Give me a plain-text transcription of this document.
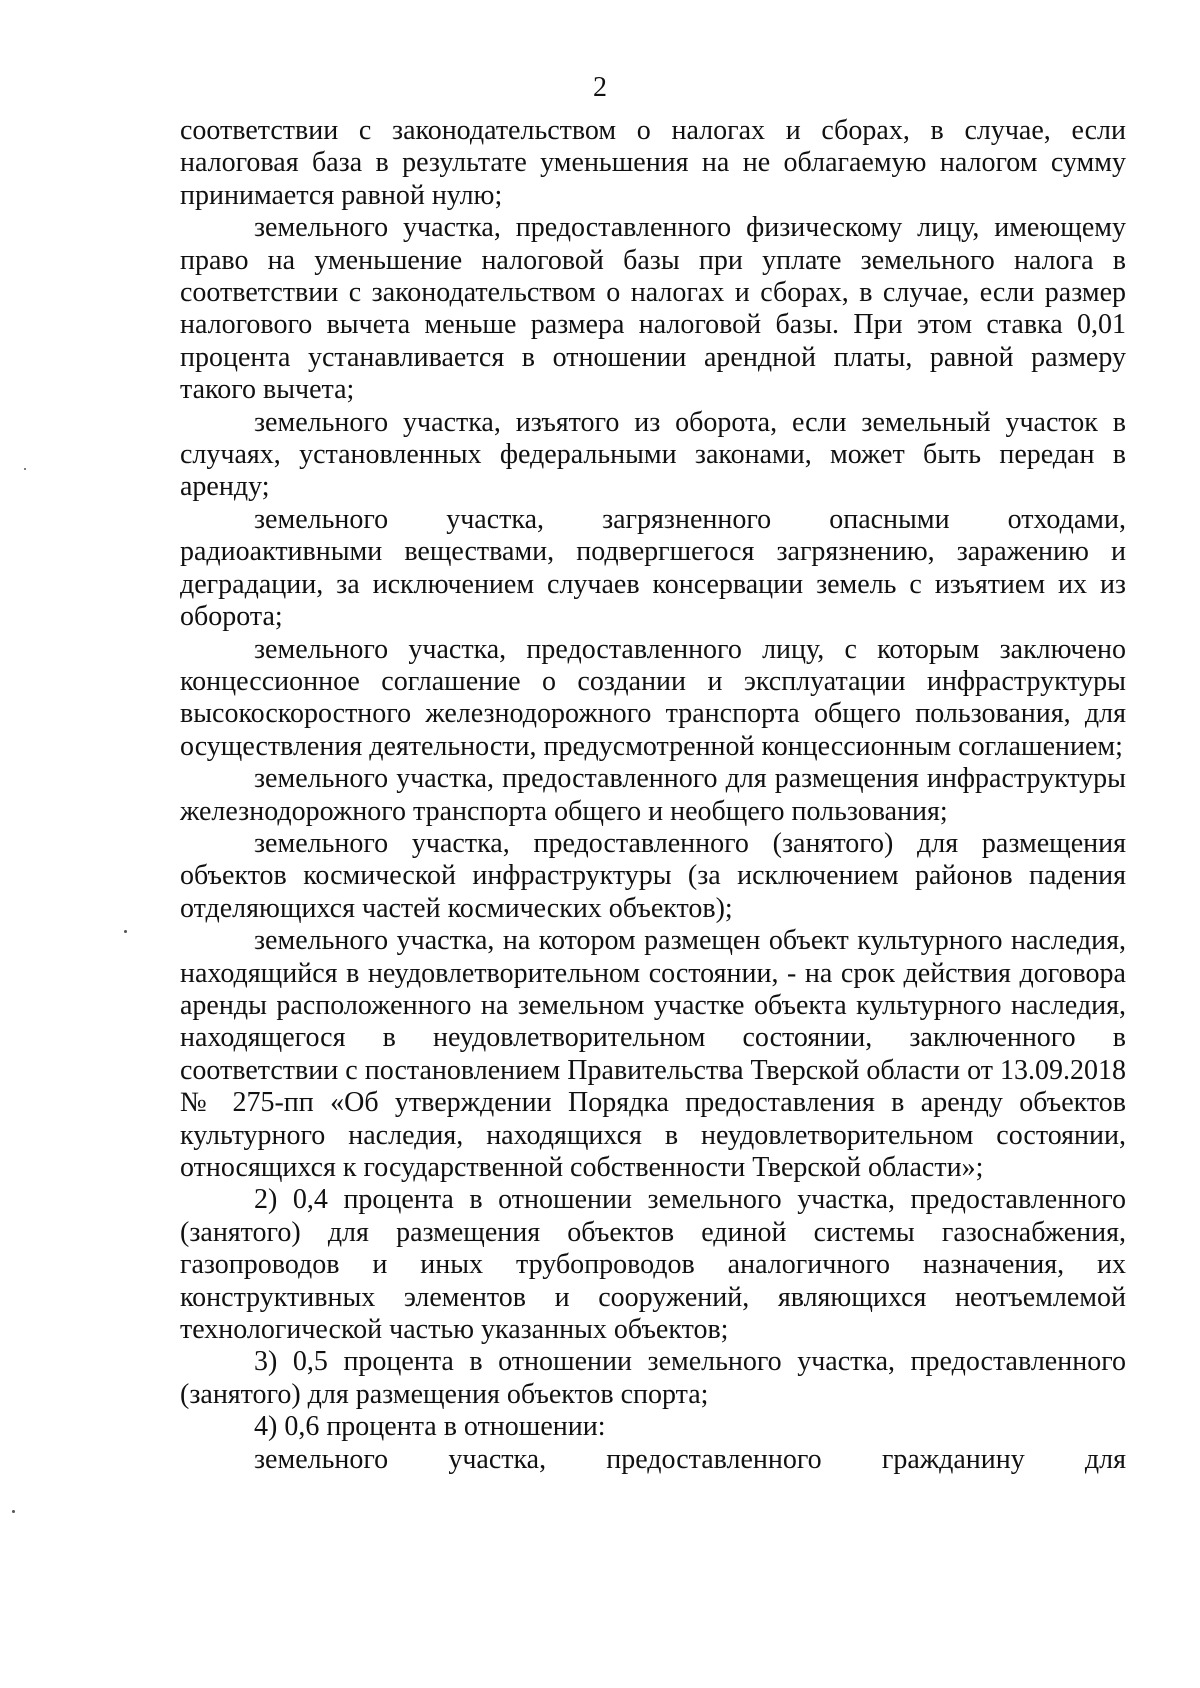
2

соответствии с законодательством о налогах и сборах, в случае, если налоговая база в результате уменьшения на не облагаемую налогом сумму принимается равной нулю;

земельного участка, предоставленного физическому лицу, имеющему право на уменьшение налоговой базы при уплате земельного налога в соответствии с законодательством о налогах и сборах, в случае, если размер налогового вычета меньше размера налоговой базы. При этом ставка 0,01 процента устанавливается в отношении арендной платы, равной размеру такого вычета;

земельного участка, изъятого из оборота, если земельный участок в случаях, установленных федеральными законами, может быть передан в аренду;

земельного участка, загрязненного опасными отходами, радиоактивными веществами, подвергшегося загрязнению, заражению и деградации, за исключением случаев консервации земель с изъятием их из оборота;

земельного участка, предоставленного лицу, с которым заключено концессионное соглашение о создании и эксплуатации инфраструктуры высокоскоростного железнодорожного транспорта общего пользования, для осуществления деятельности, предусмотренной концессионным соглашением;

земельного участка, предоставленного для размещения инфраструктуры железнодорожного транспорта общего и необщего пользования;

земельного участка, предоставленного (занятого) для размещения объектов космической инфраструктуры (за исключением районов падения отделяющихся частей космических объектов);

земельного участка, на котором размещен объект культурного наследия, находящийся в неудовлетворительном состоянии, - на срок действия договора аренды расположенного на земельном участке объекта культурного наследия, находящегося в неудовлетворительном состоянии, заключенного в соответствии с постановлением Правительства Тверской области от 13.09.2018 № 275-пп «Об утверждении Порядка предоставления в аренду объектов культурного наследия, находящихся в неудовлетворительном состоянии, относящихся к государственной собственности Тверской области»;

2) 0,4 процента в отношении земельного участка, предоставленного (занятого) для размещения объектов единой системы газоснабжения, газопроводов и иных трубопроводов аналогичного назначения, их конструктивных элементов и сооружений, являющихся неотъемлемой технологической частью указанных объектов;

3) 0,5 процента в отношении земельного участка, предоставленного (занятого) для размещения объектов спорта;

4) 0,6 процента в отношении:

земельного участка, предоставленного гражданину для
